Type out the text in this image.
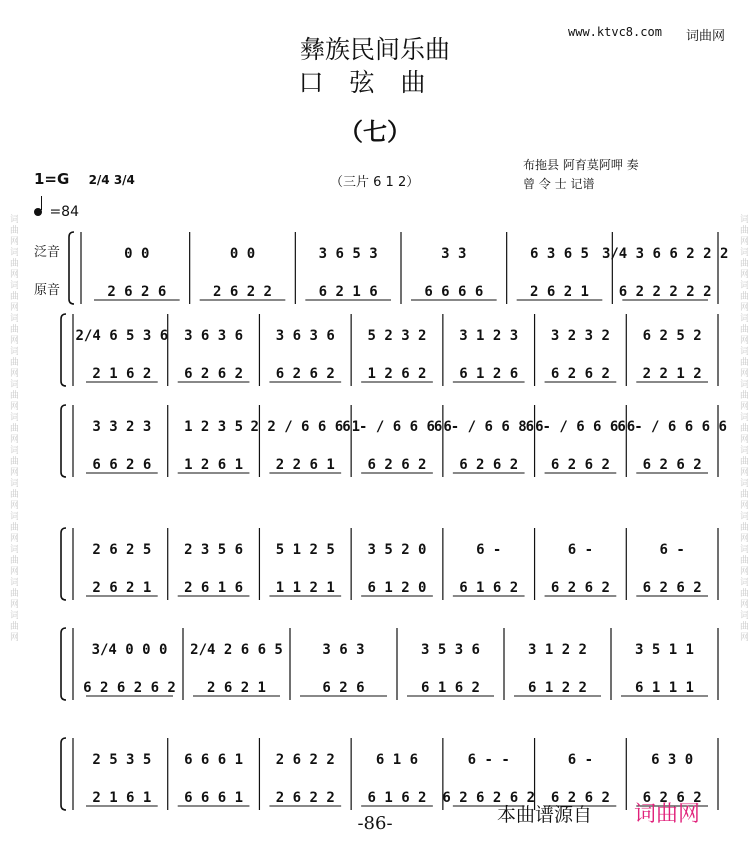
词曲网词曲网词曲网词曲网词曲网词曲网词曲网词曲网词曲网词曲网词曲网词曲网词曲网	词曲网词曲网词曲网词曲网词曲网词曲网词曲网词曲网词曲网词曲网词曲网词曲网词曲网
彝族民间乐曲
口弦曲
（七）
www.ktvc8.com 词曲网
1=G 2/4 3/4
=84
（三片 6 1 2）
布拖县 阿育莫阿呷 奏
曾 令 士 记谱
泛音
原音
0 0
2 6 2 6
0 0
2 6 2 2
3 6 5 3
6 2 1 6
3 3
6 6 6 6
6 3 6 5
2 6 2 1
3/4 3 6 6 2 2 2
6 2 2 2 2 2
2/4 6 5 3 6
2 1 6 2
3 6 3 6
6 2 6 2
3 6 3 6
6 2 6 2
5 2 3 2
1 2 6 2
3 1 2 3
6 1 2 6
3 2 3 2
6 2 6 2
6 2 5 2
2 2 1 2
3 3 2 3
6 6 2 6
1 2 3 5
1 2 6 1
2 2 / 6 6 6 1
2 2 6 1
6 - / 6 6 6 6
6 2 6 2
6 - / 6 6 8 6
6 2 6 2
6 - / 6 6 6 6
6 2 6 2
6 - / 6 6 6 6
6 2 6 2
2 6 2 5
2 6 2 1
2 3 5 6
2 6 1 6
5 1 2 5
1 1 2 1
3 5 2 0
6 1 2 0
6 -
6 1 6 2
6 -
6 2 6 2
6 -
6 2 6 2
3/4 0 0 0
6 2 6 2 6 2
2/4 2 6 6 5
2 6 2 1
3 6 3
6 2 6
3 5 3 6
6 1 6 2
3 1 2 2
6 1 2 2
3 5 1 1
6 1 1 1
2 5 3 5
2 1 6 1
6 6 6 1
6 6 6 1
2 6 2 2
2 6 2 2
6 1 6
6 1 6 2
6 - -
6 2 6 2 6 2
6 -
6 2 6 2
6 3 0
6 2 6 2
-86-	本曲谱源自 词曲网
